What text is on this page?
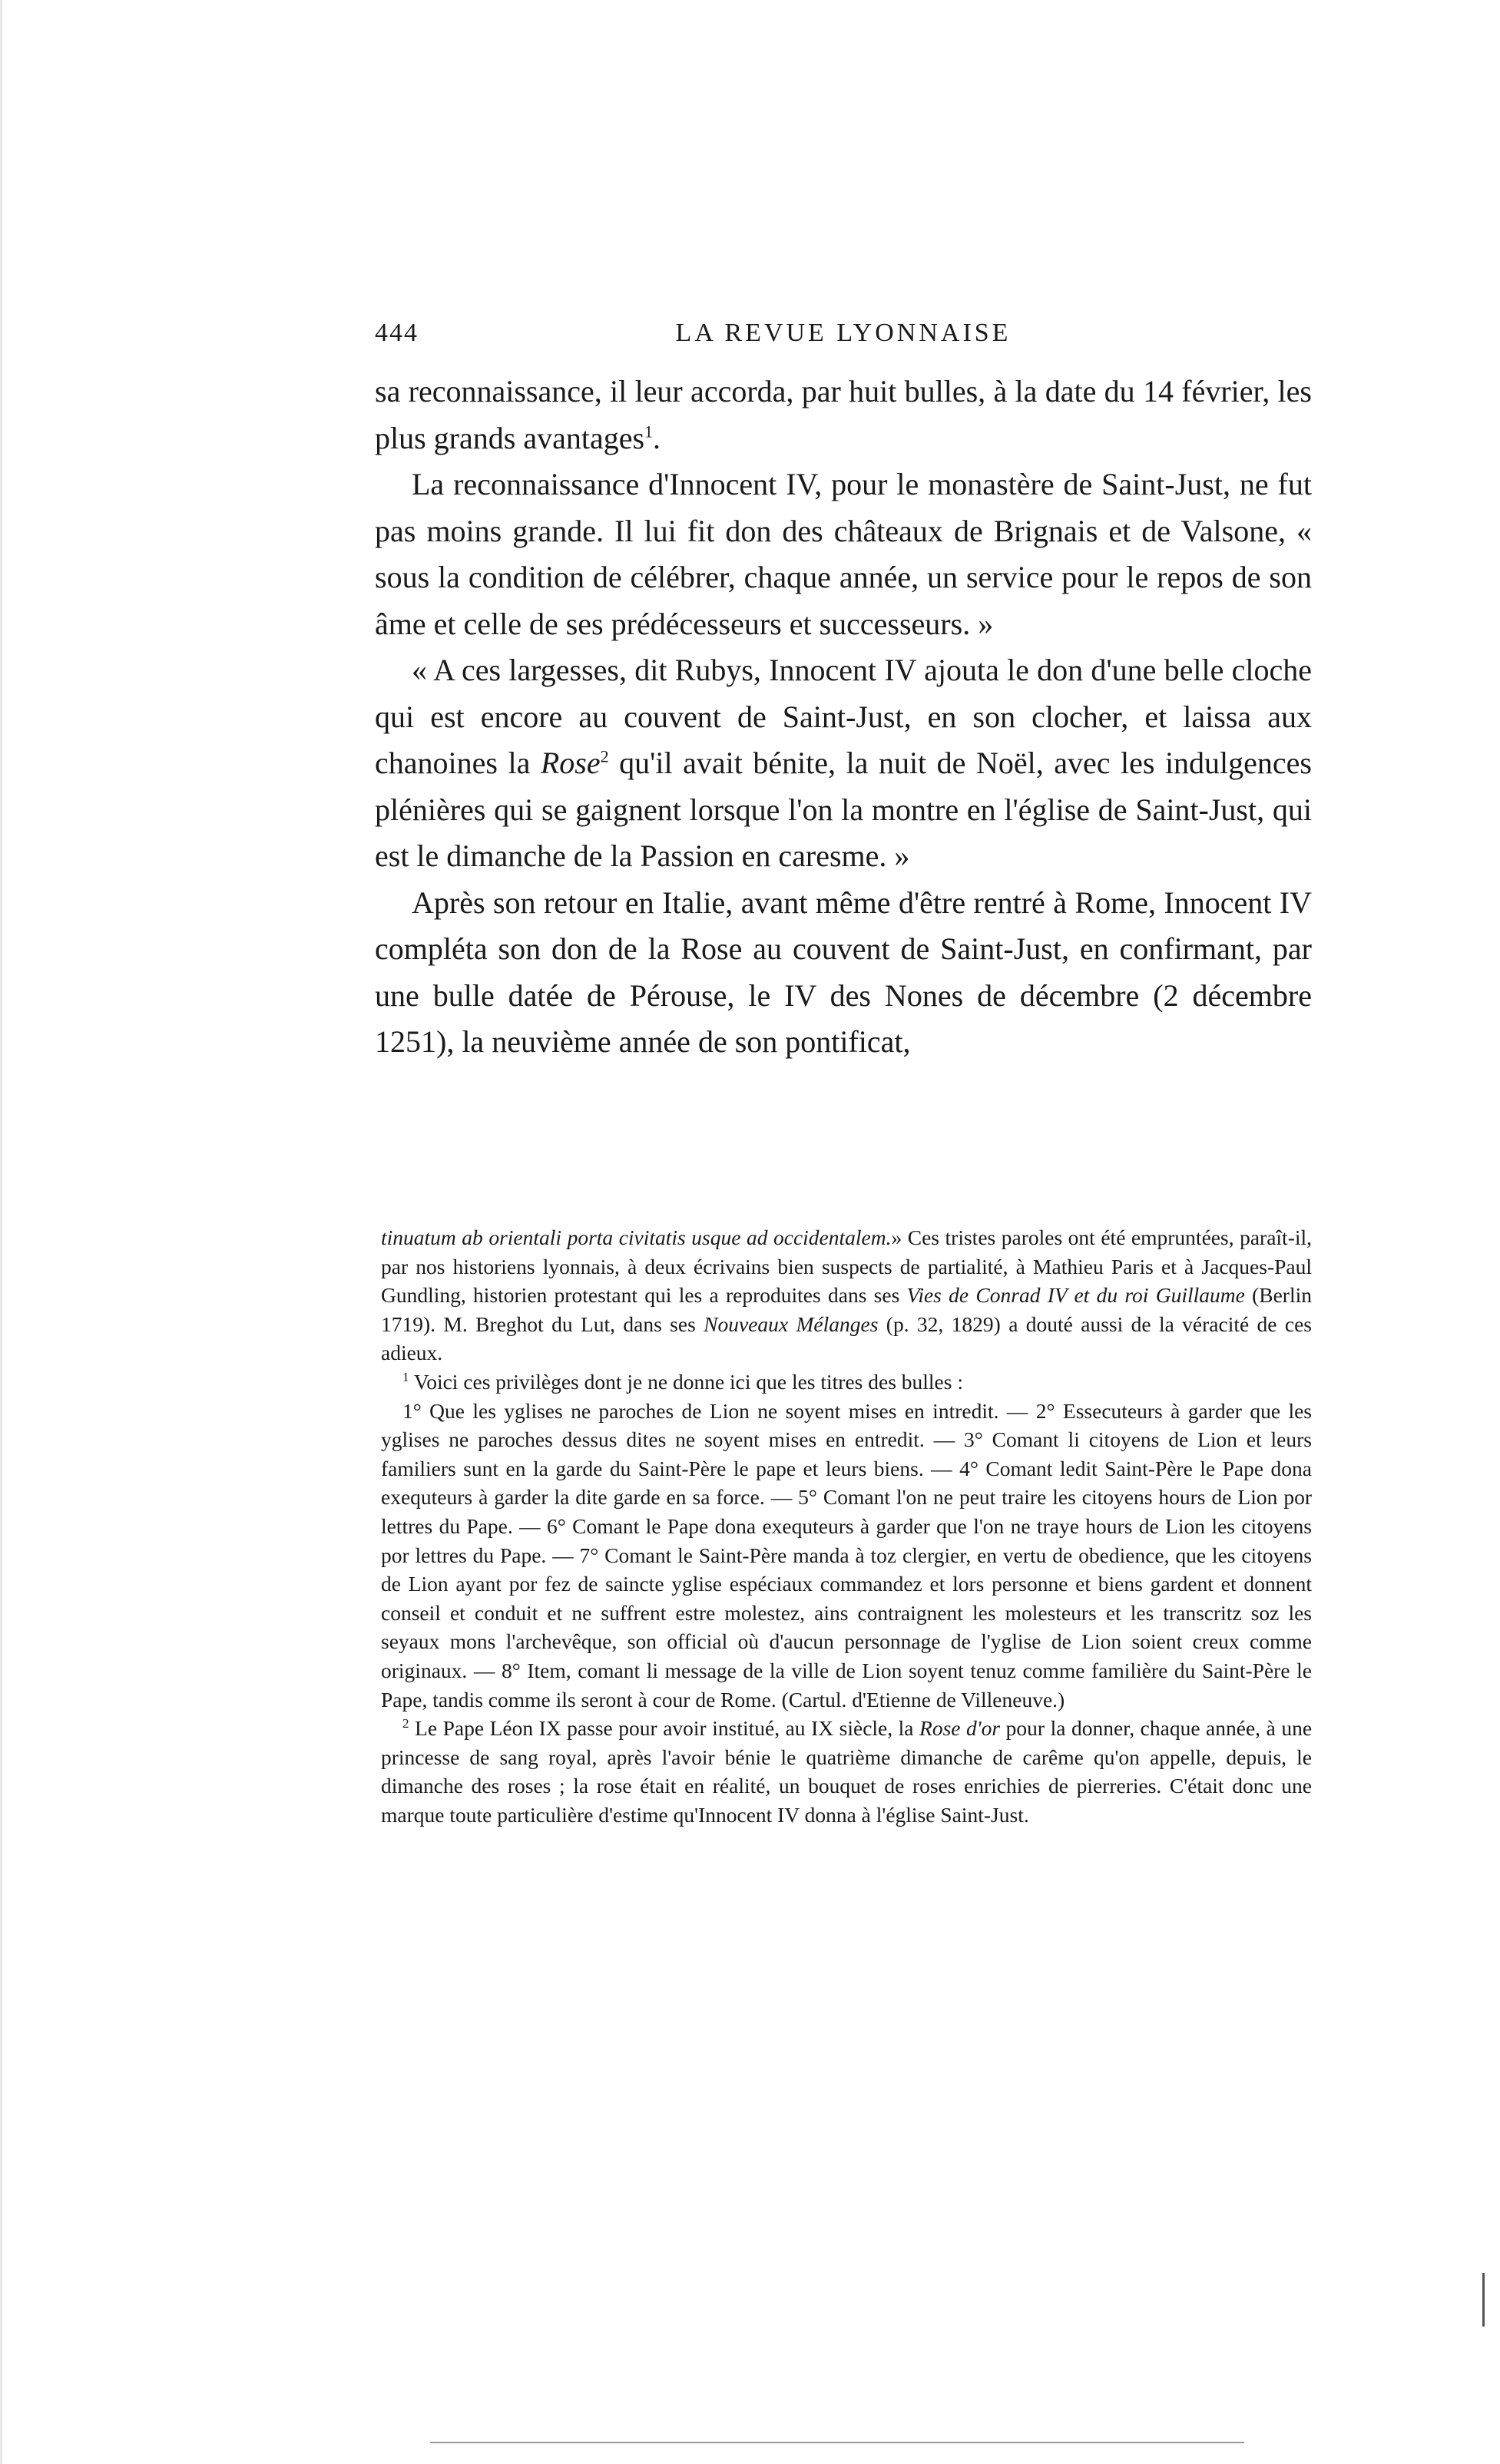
444	LA REVUE LYONNAISE

sa reconnaissance, il leur accorda, par huit bulles, à la date du 14 février, les plus grands avantages$^1$.

La reconnaissance d'Innocent IV, pour le monastère de Saint-Just, ne fut pas moins grande. Il lui fit don des châteaux de Brignais et de Valsone, « sous la condition de célébrer, chaque année, un service pour le repos de son âme et celle de ses prédécesseurs et successeurs. »

« A ces largesses, dit Rubys, Innocent IV ajouta le don d'une belle cloche qui est encore au couvent de Saint-Just, en son clocher, et laissa aux chanoines la Rose$^2$ qu'il avait bénite, la nuit de Noël, avec les indulgences plénières qui se gaignent lorsque l'on la montre en l'église de Saint-Just, qui est le dimanche de la Passion en caresme. »

Après son retour en Italie, avant même d'être rentré à Rome, Innocent IV compléta son don de la Rose au couvent de Saint-Just, en confirmant, par une bulle datée de Pérouse, le IV des Nones de décembre (2 décembre 1251), la neuvième année de son pontificat,

tinuatum ab orientali porta civitatis usque ad occidentalem.» Ces tristes paroles ont été empruntées, paraît-il, par nos historiens lyonnais, à deux écrivains bien suspects de partialité, à Mathieu Paris et à Jacques-Paul Gundling, historien protestant qui les a reproduites dans ses Vies de Conrad IV et du roi Guillaume (Berlin 1719). M. Breghot du Lut, dans ses Nouveaux Mélanges (p. 32, 1829) a douté aussi de la véracité de ces adieux.

$^1$ Voici ces privilèges dont je ne donne ici que les titres des bulles :

1° Que les yglises ne paroches de Lion ne soyent mises en intredit. — 2° Essecuteurs à garder que les yglises ne paroches dessus dites ne soyent mises en entredit. — 3° Comant li citoyens de Lion et leurs familiers sunt en la garde du Saint-Père le pape et leurs biens. — 4° Comant ledit Saint-Père le Pape dona exequteurs à garder la dite garde en sa force. — 5° Comant l'on ne peut traire les citoyens hours de Lion por lettres du Pape. — 6° Comant le Pape dona exequteurs à garder que l'on ne traye hours de Lion les citoyens por lettres du Pape. — 7° Comant le Saint-Père manda à toz clergier, en vertu de obedience, que les citoyens de Lion ayant por fez de saincte yglise espéciaux commandez et lors personne et biens gardent et donnent conseil et conduit et ne suffrent estre molestez, ains contraignent les molesteurs et les transcritz soz les seyaux mons l'archevêque, son official où d'aucun personnage de l'yglise de Lion soient creux comme originaux. — 8° Item, comant li message de la ville de Lion soyent tenuz comme familière du Saint-Père le Pape, tandis comme ils seront à cour de Rome. (Cartul. d'Etienne de Villeneuve.)

$^2$ Le Pape Léon IX passe pour avoir institué, au IX siècle, la Rose d'or pour la donner, chaque année, à une princesse de sang royal, après l'avoir bénie le quatrième dimanche de carême qu'on appelle, depuis, le dimanche des roses ; la rose était en réalité, un bouquet de roses enrichies de pierreries. C'était donc une marque toute particulière d'estime qu'Innocent IV donna à l'église Saint-Just.
